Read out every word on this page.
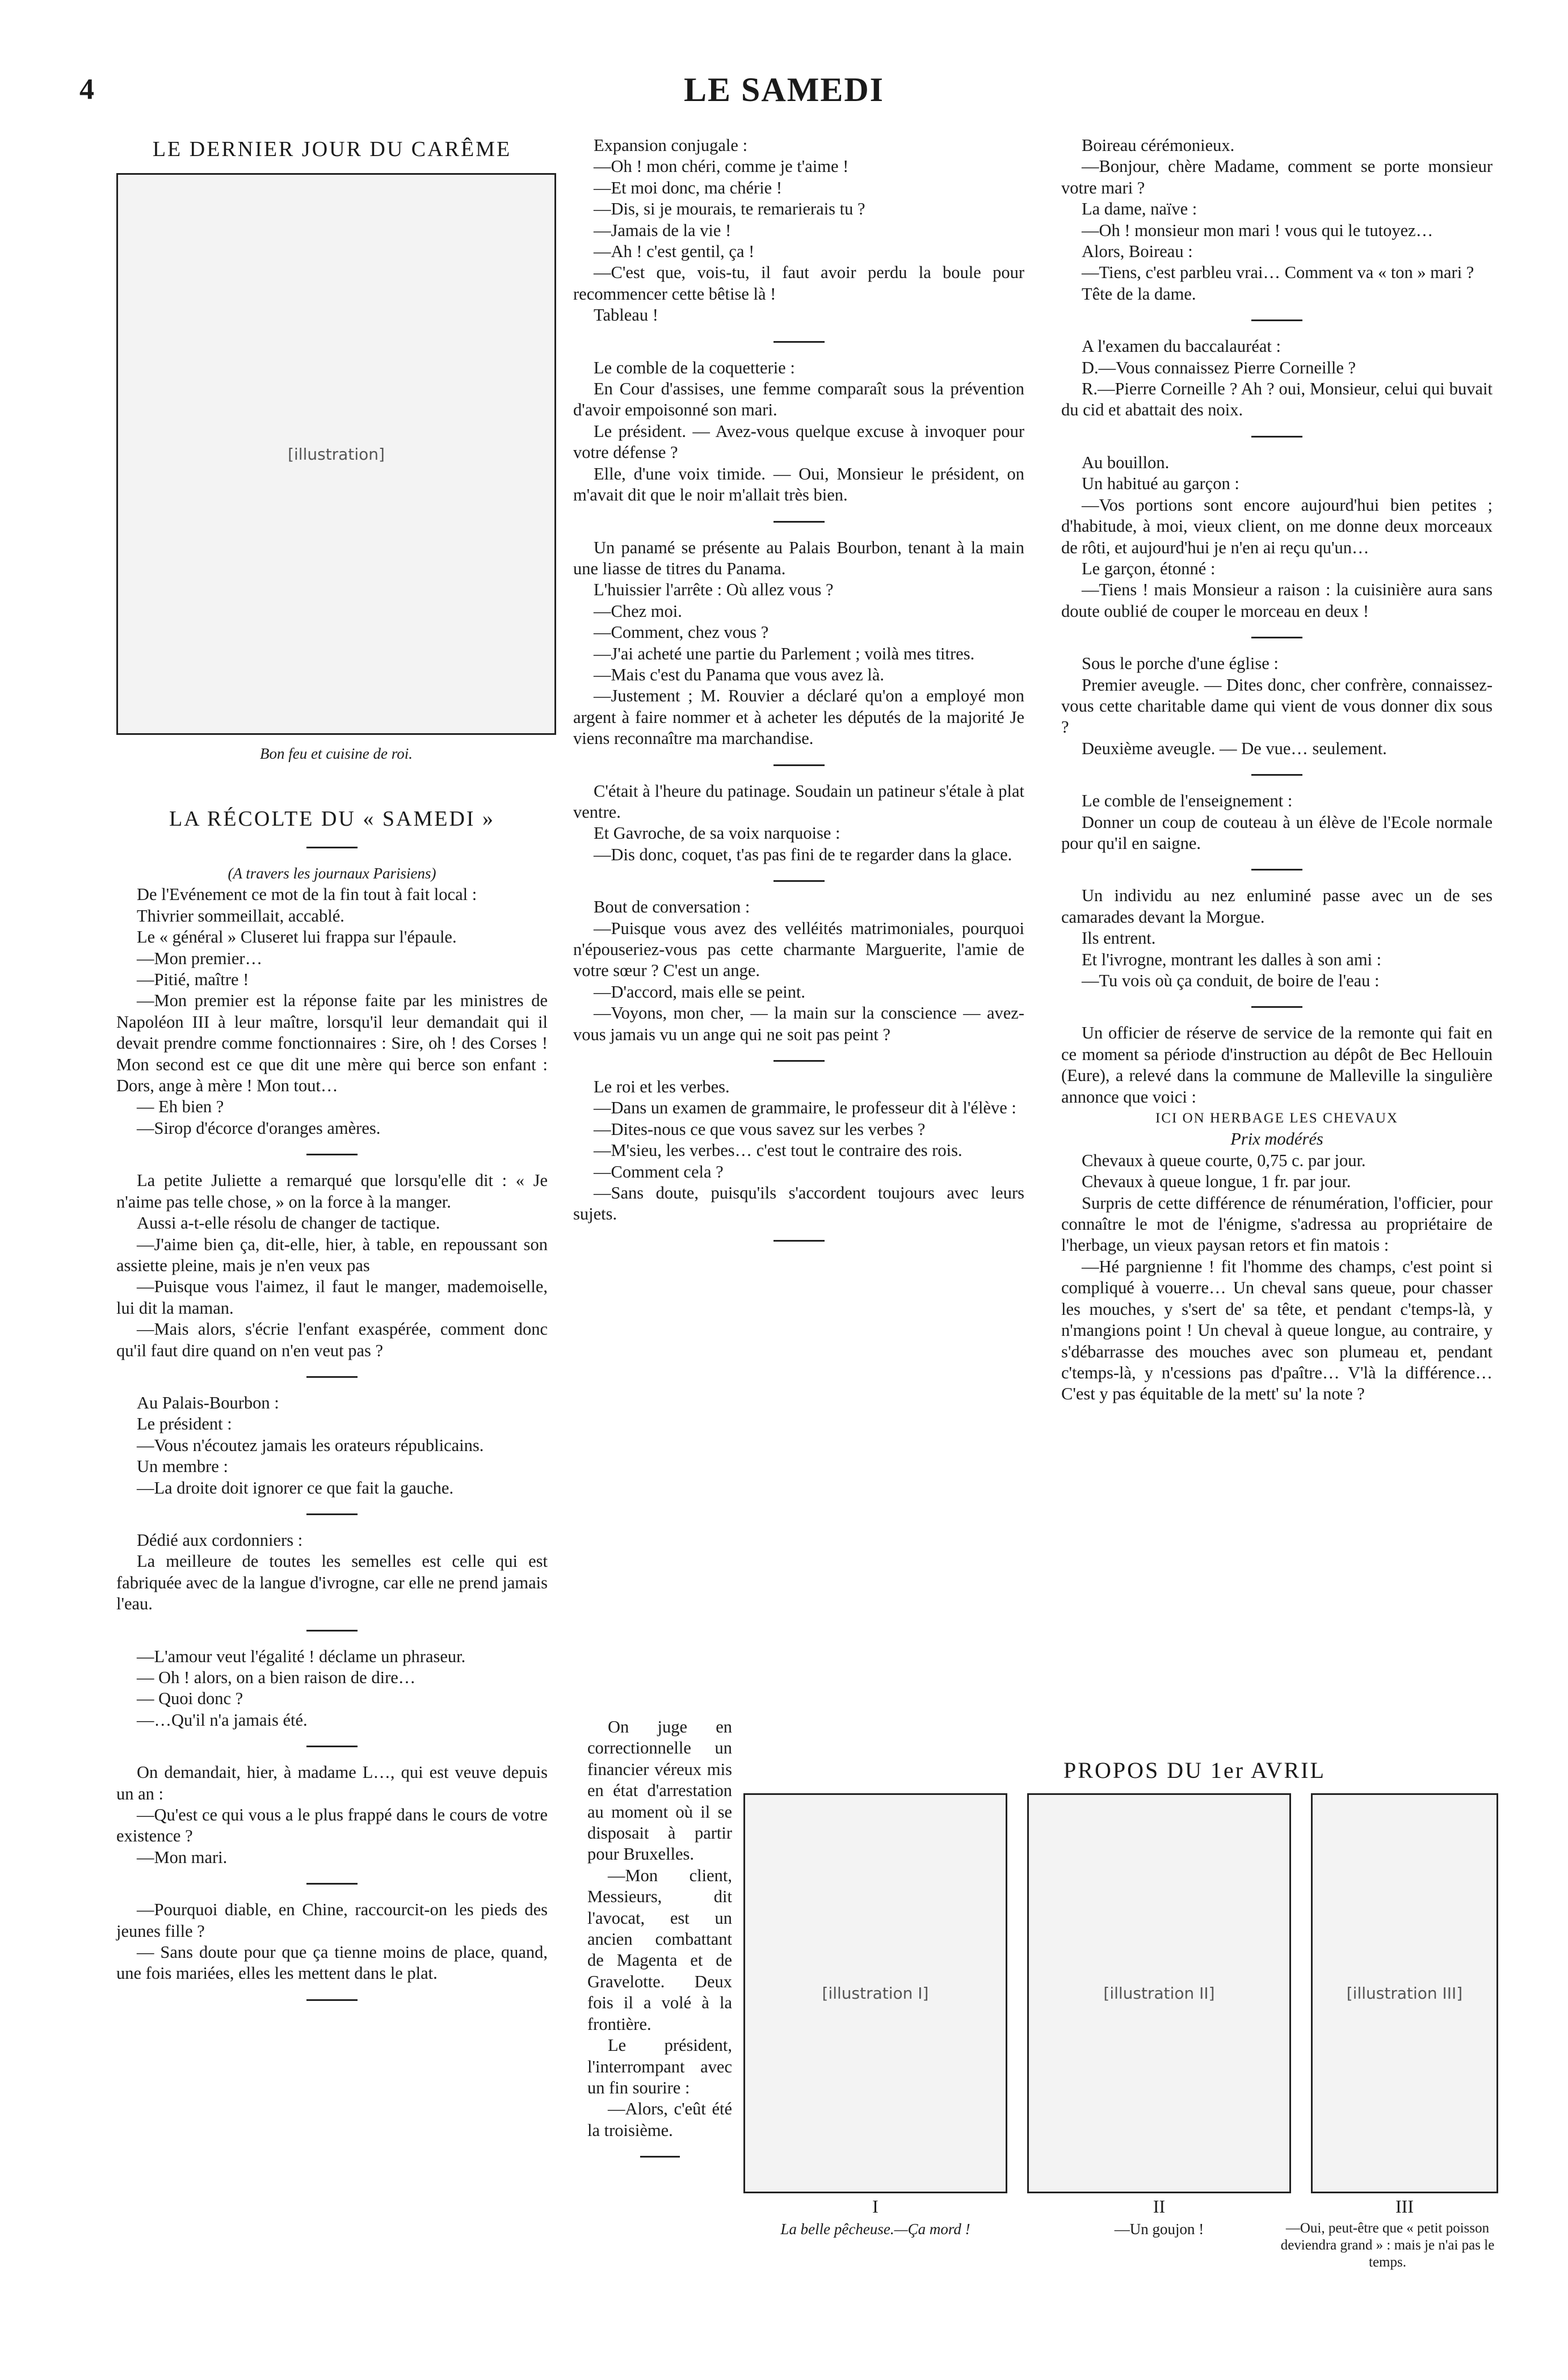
4	LE SAMEDI

LE DERNIER JOUR DU CARÊME

[illustration]
Bon feu et cuisine de roi.

LA RÉCOLTE DU « SAMEDI »

(A travers les journaux Parisiens)

De l'Evénement ce mot de la fin tout à fait local :

Thivrier sommeillait, accablé.

Le « général » Cluseret lui frappa sur l'épaule.

—Mon premier…

—Pitié, maître !

—Mon premier est la réponse faite par les ministres de Napoléon III à leur maître, lorsqu'il leur demandait qui il devait prendre comme fonctionnaires : Sire, oh ! des Corses ! Mon second est ce que dit une mère qui berce son enfant : Dors, ange à mère ! Mon tout…

— Eh bien ?

—Sirop d'écorce d'oranges amères.

La petite Juliette a remarqué que lorsqu'elle dit : « Je n'aime pas telle chose, » on la force à la manger.

Aussi a-t-elle résolu de changer de tactique.

—J'aime bien ça, dit-elle, hier, à table, en repoussant son assiette pleine, mais je n'en veux pas

—Puisque vous l'aimez, il faut le manger, mademoiselle, lui dit la maman.

—Mais alors, s'écrie l'enfant exaspérée, comment donc qu'il faut dire quand on n'en veut pas ?

Au Palais-Bourbon :

Le président :

—Vous n'écoutez jamais les orateurs républicains.

Un membre :

—La droite doit ignorer ce que fait la gauche.

Dédié aux cordonniers :

La meilleure de toutes les semelles est celle qui est fabriquée avec de la langue d'ivrogne, car elle ne prend jamais l'eau.

—L'amour veut l'égalité ! déclame un phraseur.

— Oh ! alors, on a bien raison de dire…

— Quoi donc ?

—…Qu'il n'a jamais été.

On demandait, hier, à madame L…, qui est veuve depuis un an :

—Qu'est ce qui vous a le plus frappé dans le cours de votre existence ?

—Mon mari.

—Pourquoi diable, en Chine, raccourcit-on les pieds des jeunes fille ?

— Sans doute pour que ça tienne moins de place, quand, une fois mariées, elles les mettent dans le plat.

Expansion conjugale :

—Oh ! mon chéri, comme je t'aime !

—Et moi donc, ma chérie !

—Dis, si je mourais, te remarierais tu ?

—Jamais de la vie !

—Ah ! c'est gentil, ça !

—C'est que, vois-tu, il faut avoir perdu la boule pour recommencer cette bêtise là !

Tableau !

Le comble de la coquetterie :

En Cour d'assises, une femme comparaît sous la prévention d'avoir empoisonné son mari.

Le président. — Avez-vous quelque excuse à invoquer pour votre défense ?

Elle, d'une voix timide. — Oui, Monsieur le président, on m'avait dit que le noir m'allait très bien.

Un panamé se présente au Palais Bourbon, tenant à la main une liasse de titres du Panama.

L'huissier l'arrête : Où allez vous ?

—Chez moi.

—Comment, chez vous ?

—J'ai acheté une partie du Parlement ; voilà mes titres.

—Mais c'est du Panama que vous avez là.

—Justement ; M. Rouvier a déclaré qu'on a employé mon argent à faire nommer et à acheter les députés de la majorité Je viens reconnaître ma marchandise.

C'était à l'heure du patinage. Soudain un patineur s'étale à plat ventre.

Et Gavroche, de sa voix narquoise :

—Dis donc, coquet, t'as pas fini de te regarder dans la glace.

Bout de conversation :

—Puisque vous avez des velléités matrimoniales, pourquoi n'épouseriez-vous pas cette charmante Marguerite, l'amie de votre sœur ? C'est un ange.

—D'accord, mais elle se peint.

—Voyons, mon cher, — la main sur la conscience — avez-vous jamais vu un ange qui ne soit pas peint ?

Le roi et les verbes.

—Dans un examen de grammaire, le professeur dit à l'élève :

—Dites-nous ce que vous savez sur les verbes ?

—M'sieu, les verbes… c'est tout le contraire des rois.

—Comment cela ?

—Sans doute, puisqu'ils s'accordent toujours avec leurs sujets.

On juge en correctionnelle un financier véreux mis en état d'arrestation au moment où il se disposait à partir pour Bruxelles.

—Mon client, Messieurs, dit l'avocat, est un ancien combattant de Magenta et de Gravelotte. Deux fois il a volé à la frontière.

Le président, l'interrompant avec un fin sourire :

—Alors, c'eût été la troisième.

Boireau cérémonieux.

—Bonjour, chère Madame, comment se porte monsieur votre mari ?

La dame, naïve :

—Oh ! monsieur mon mari ! vous qui le tutoyez…

Alors, Boireau :

—Tiens, c'est parbleu vrai… Comment va « ton » mari ?

Tête de la dame.

A l'examen du baccalauréat :

D.—Vous connaissez Pierre Corneille ?

R.—Pierre Corneille ? Ah ? oui, Monsieur, celui qui buvait du cid et abattait des noix.

Au bouillon.

Un habitué au garçon :

—Vos portions sont encore aujourd'hui bien petites ; d'habitude, à moi, vieux client, on me donne deux morceaux de rôti, et aujourd'hui je n'en ai reçu qu'un…

Le garçon, étonné :

—Tiens ! mais Monsieur a raison : la cuisinière aura sans doute oublié de couper le morceau en deux !

Sous le porche d'une église :

Premier aveugle. — Dites donc, cher confrère, connaissez-vous cette charitable dame qui vient de vous donner dix sous ?

Deuxième aveugle. — De vue… seulement.

Le comble de l'enseignement :

Donner un coup de couteau à un élève de l'Ecole normale pour qu'il en saigne.

Un individu au nez enluminé passe avec un de ses camarades devant la Morgue.

Ils entrent.

Et l'ivrogne, montrant les dalles à son ami :

—Tu vois où ça conduit, de boire de l'eau :

Un officier de réserve de service de la remonte qui fait en ce moment sa période d'instruction au dépôt de Bec Hellouin (Eure), a relevé dans la commune de Malleville la singulière annonce que voici :

ICI ON HERBAGE LES CHEVAUX

Prix modérés

Chevaux à queue courte, 0,75 c. par jour.

Chevaux à queue longue, 1 fr. par jour.

Surpris de cette différence de rénumération, l'officier, pour connaître le mot de l'énigme, s'adressa au propriétaire de l'herbage, un vieux paysan retors et fin matois :

—Hé pargnienne ! fit l'homme des champs, c'est point si compliqué à vouerre… Un cheval sans queue, pour chasser les mouches, y s'sert de' sa tête, et pendant c'temps-là, y n'mangions point ! Un cheval à queue longue, au contraire, y s'débarrasse des mouches avec son plumeau et, pendant c'temps-là, y n'cessions pas d'paître… V'là la différence… C'est y pas équitable de la mett' su' la note ?

PROPOS DU 1er AVRIL
[illustration I]
I
La belle pêcheuse.—Ça mord !
[illustration II]
II
—Un goujon !
[illustration III]
III
—Oui, peut-être que « petit poisson deviendra grand » : mais je n'ai pas le temps.
